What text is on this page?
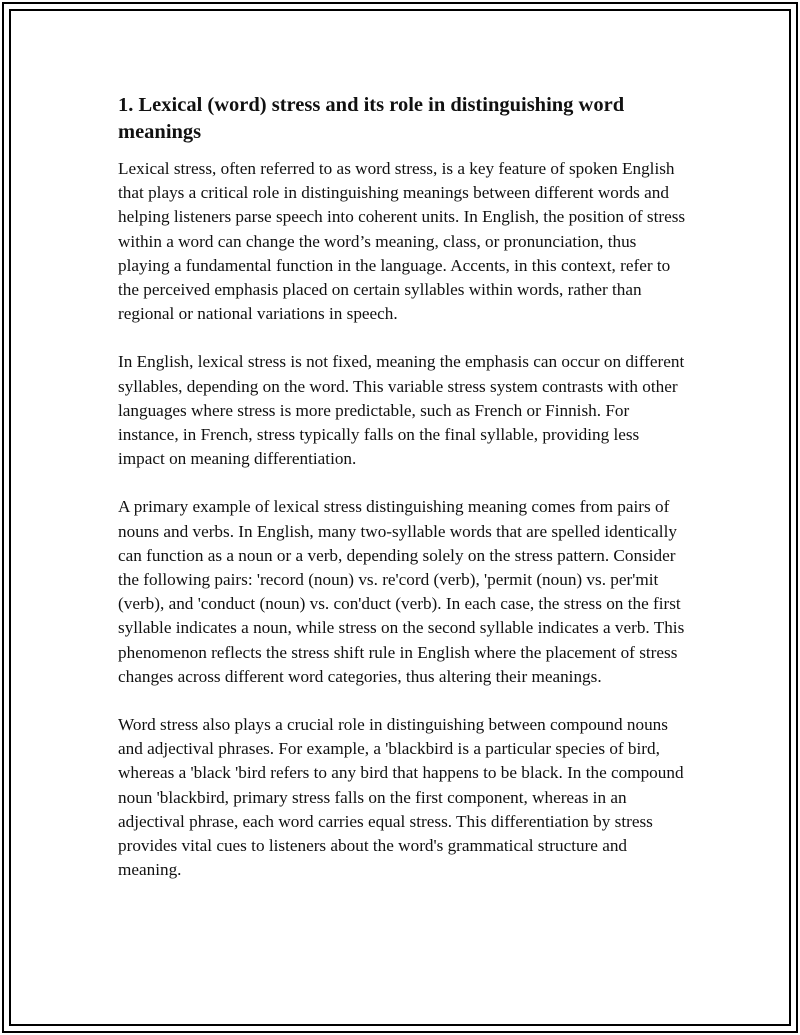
1. Lexical (word) stress and its role in distinguishing word meanings

Lexical stress, often referred to as word stress, is a key feature of spoken English that plays a critical role in distinguishing meanings between different words and helping listeners parse speech into coherent units. In English, the position of stress within a word can change the word’s meaning, class, or pronunciation, thus playing a fundamental function in the language. Accents, in this context, refer to the perceived emphasis placed on certain syllables within words, rather than regional or national variations in speech.

In English, lexical stress is not fixed, meaning the emphasis can occur on different syllables, depending on the word. This variable stress system contrasts with other languages where stress is more predictable, such as French or Finnish. For instance, in French, stress typically falls on the final syllable, providing less impact on meaning differentiation.

A primary example of lexical stress distinguishing meaning comes from pairs of nouns and verbs. In English, many two-syllable words that are spelled identically can function as a noun or a verb, depending solely on the stress pattern. Consider the following pairs: 'record (noun) vs. re'cord (verb), 'permit (noun) vs. per'mit (verb), and 'conduct (noun) vs. con'duct (verb). In each case, the stress on the first syllable indicates a noun, while stress on the second syllable indicates a verb. This phenomenon reflects the stress shift rule in English where the placement of stress changes across different word categories, thus altering their meanings.

Word stress also plays a crucial role in distinguishing between compound nouns and adjectival phrases. For example, a 'blackbird is a particular species of bird, whereas a 'black 'bird refers to any bird that happens to be black. In the compound noun 'blackbird, primary stress falls on the first component, whereas in an adjectival phrase, each word carries equal stress. This differentiation by stress provides vital cues to listeners about the word's grammatical structure and meaning.
